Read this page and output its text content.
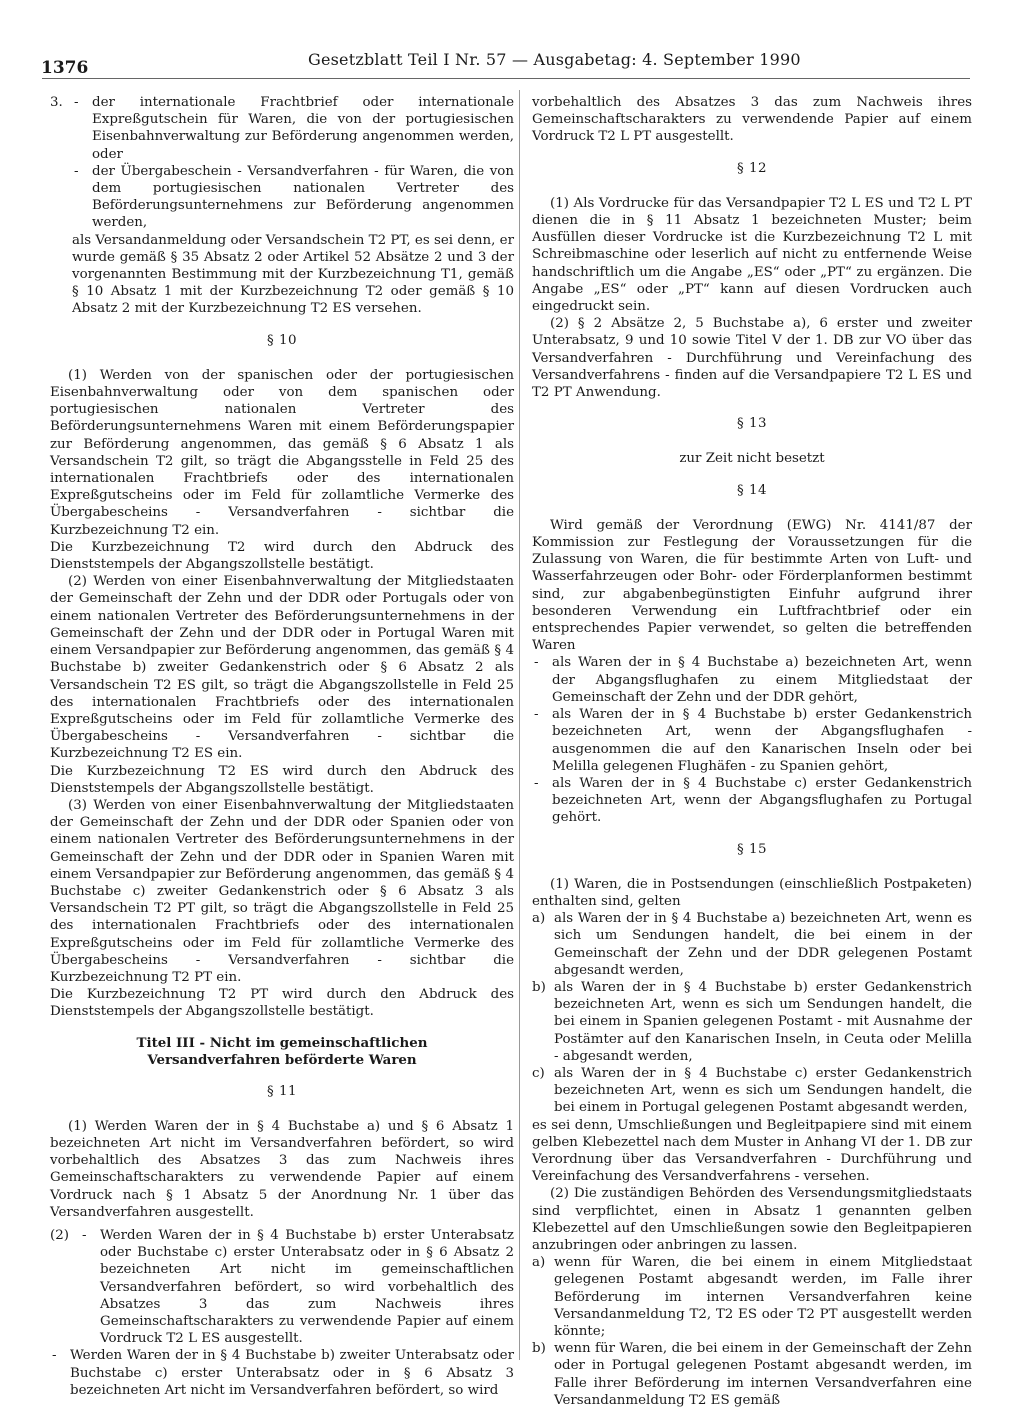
1376	Gesetzblatt Teil I Nr. 57 — Ausgabetag: 4. September 1990
3. -	der internationale Frachtbrief oder internationale Expreßgutschein für Waren, die von der portugiesischen Eisenbahnverwaltung zur Beförderung angenommen werden, oder
-	der Übergabeschein - Versandverfahren - für Waren, die von dem portugiesischen nationalen Vertreter des Beförderungsunternehmens zur Beförderung angenommen werden,

als Versandanmeldung oder Versandschein T2 PT, es sei denn, er wurde gemäß § 35 Absatz 2 oder Artikel 52 Absätze 2 und 3 der vorgenannten Bestimmung mit der Kurzbezeichnung T1, gemäß § 10 Absatz 1 mit der Kurzbezeichnung T2 oder gemäß § 10 Absatz 2 mit der Kurzbezeichnung T2 ES versehen.

§ 10

(1) Werden von der spanischen oder der portugiesischen Eisenbahnverwaltung oder von dem spanischen oder portugiesischen nationalen Vertreter des Beförderungsunternehmens Waren mit einem Beförderungspapier zur Beförderung angenommen, das gemäß § 6 Absatz 1 als Versandschein T2 gilt, so trägt die Abgangsstelle in Feld 25 des internationalen Frachtbriefs oder des internationalen Expreßgutscheins oder im Feld für zollamtliche Vermerke des Übergabescheins - Versandverfahren - sichtbar die Kurzbezeichnung T2 ein.

Die Kurzbezeichnung T2 wird durch den Abdruck des Dienststempels der Abgangszollstelle bestätigt.

(2) Werden von einer Eisenbahnverwaltung der Mitgliedstaaten der Gemeinschaft der Zehn und der DDR oder Portugals oder von einem nationalen Vertreter des Beförderungsunternehmens in der Gemeinschaft der Zehn und der DDR oder in Portugal Waren mit einem Versandpapier zur Beförderung angenommen, das gemäß § 4 Buchstabe b) zweiter Gedankenstrich oder § 6 Absatz 2 als Versandschein T2 ES gilt, so trägt die Abgangszollstelle in Feld 25 des internationalen Frachtbriefs oder des internationalen Expreßgutscheins oder im Feld für zollamtliche Vermerke des Übergabescheins - Versandverfahren - sichtbar die Kurzbezeichnung T2 ES ein.

Die Kurzbezeichnung T2 ES wird durch den Abdruck des Dienststempels der Abgangszollstelle bestätigt.

(3) Werden von einer Eisenbahnverwaltung der Mitgliedstaaten der Gemeinschaft der Zehn und der DDR oder Spanien oder von einem nationalen Vertreter des Beförderungsunternehmens in der Gemeinschaft der Zehn und der DDR oder in Spanien Waren mit einem Versandpapier zur Beförderung angenommen, das gemäß § 4 Buchstabe c) zweiter Gedankenstrich oder § 6 Absatz 3 als Versandschein T2 PT gilt, so trägt die Abgangszollstelle in Feld 25 des internationalen Frachtbriefs oder des internationalen Expreßgutscheins oder im Feld für zollamtliche Vermerke des Übergabescheins - Versandverfahren - sichtbar die Kurzbezeichnung T2 PT ein.

Die Kurzbezeichnung T2 PT wird durch den Abdruck des Dienststempels der Abgangszollstelle bestätigt.

Titel III - Nicht im gemeinschaftlichen
Versandverfahren beförderte Waren
§ 11

(1) Werden Waren der in § 4 Buchstabe a) und § 6 Absatz 1 bezeichneten Art nicht im Versandverfahren befördert, so wird vorbehaltlich des Absatzes 3 das zum Nachweis ihres Gemeinschaftscharakters zu verwendende Papier auf einem Vordruck nach § 1 Absatz 5 der Anordnung Nr. 1 über das Versandverfahren ausgestellt.

(2) -	Werden Waren der in § 4 Buchstabe b) erster Unterabsatz oder Buchstabe c) erster Unterabsatz oder in § 6 Absatz 2 bezeichneten Art nicht im gemeinschaftlichen Versandverfahren befördert, so wird vorbehaltlich des Absatzes 3 das zum Nachweis ihres Gemeinschaftscharakters zu verwendende Papier auf einem Vordruck T2 L ES ausgestellt.
-	Werden Waren der in § 4 Buchstabe b) zweiter Unterabsatz oder Buchstabe c) erster Unterabsatz oder in § 6 Absatz 3 bezeichneten Art nicht im Versandverfahren befördert, so wird

vorbehaltlich des Absatzes 3 das zum Nachweis ihres Gemeinschaftscharakters zu verwendende Papier auf einem Vordruck T2 L PT ausgestellt.

§ 12

(1) Als Vordrucke für das Versandpapier T2 L ES und T2 L PT dienen die in § 11 Absatz 1 bezeichneten Muster; beim Ausfüllen dieser Vordrucke ist die Kurzbezeichnung T2 L mit Schreibmaschine oder leserlich auf nicht zu entfernende Weise handschriftlich um die Angabe „ES“ oder „PT“ zu ergänzen. Die Angabe „ES“ oder „PT“ kann auf diesen Vordrucken auch eingedruckt sein.

(2) § 2 Absätze 2, 5 Buchstabe a), 6 erster und zweiter Unterabsatz, 9 und 10 sowie Titel V der 1. DB zur VO über das Versandverfahren - Durchführung und Vereinfachung des Versandverfahrens - finden auf die Versandpapiere T2 L ES und T2 PT Anwendung.

§ 13

zur Zeit nicht besetzt

§ 14

Wird gemäß der Verordnung (EWG) Nr. 4141/87 der Kommission zur Festlegung der Voraussetzungen für die Zulassung von Waren, die für bestimmte Arten von Luft- und Wasserfahrzeugen oder Bohr- oder Förderplanformen bestimmt sind, zur abgabenbegünstigten Einfuhr aufgrund ihrer besonderen Verwendung ein Luftfrachtbrief oder ein entsprechendes Papier verwendet, so gelten die betreffenden Waren

-	als Waren der in § 4 Buchstabe a) bezeichneten Art, wenn der Abgangsflughafen zu einem Mitgliedstaat der Gemeinschaft der Zehn und der DDR gehört,
-	als Waren der in § 4 Buchstabe b) erster Gedankenstrich bezeichneten Art, wenn der Abgangsflughafen - ausgenommen die auf den Kanarischen Inseln oder bei Melilla gelegenen Flughäfen - zu Spanien gehört,
-	als Waren der in § 4 Buchstabe c) erster Gedankenstrich bezeichneten Art, wenn der Abgangsflughafen zu Portugal gehört.
§ 15

(1) Waren, die in Postsendungen (einschließlich Postpaketen) enthalten sind, gelten

a) als Waren der in § 4 Buchstabe a) bezeichneten Art, wenn es sich um Sendungen handelt, die bei einem in der Gemeinschaft der Zehn und der DDR gelegenen Postamt abgesandt werden,
b) als Waren der in § 4 Buchstabe b) erster Gedankenstrich bezeichneten Art, wenn es sich um Sendungen handelt, die bei einem in Spanien gelegenen Postamt - mit Ausnahme der Postämter auf den Kanarischen Inseln, in Ceuta oder Melilla - abgesandt werden,
c) als Waren der in § 4 Buchstabe c) erster Gedankenstrich bezeichneten Art, wenn es sich um Sendungen handelt, die bei einem in Portugal gelegenen Postamt abgesandt werden,

es sei denn, Umschließungen und Begleitpapiere sind mit einem gelben Klebezettel nach dem Muster in Anhang VI der 1. DB zur Verordnung über das Versandverfahren - Durchführung und Vereinfachung des Versandverfahrens - versehen.

(2) Die zuständigen Behörden des Versendungsmitgliedstaats sind verpflichtet, einen in Absatz 1 genannten gelben Klebezettel auf den Umschließungen sowie den Begleitpapieren anzubringen oder anbringen zu lassen.

a) wenn für Waren, die bei einem in einem Mitgliedstaat gelegenen Postamt abgesandt werden, im Falle ihrer Beförderung im internen Versandverfahren keine Versandanmeldung T2, T2 ES oder T2 PT ausgestellt werden könnte;
b) wenn für Waren, die bei einem in der Gemeinschaft der Zehn oder in Portugal gelegenen Postamt abgesandt werden, im Falle ihrer Beförderung im internen Versandverfahren eine Versandanmeldung T2 ES gemäß
